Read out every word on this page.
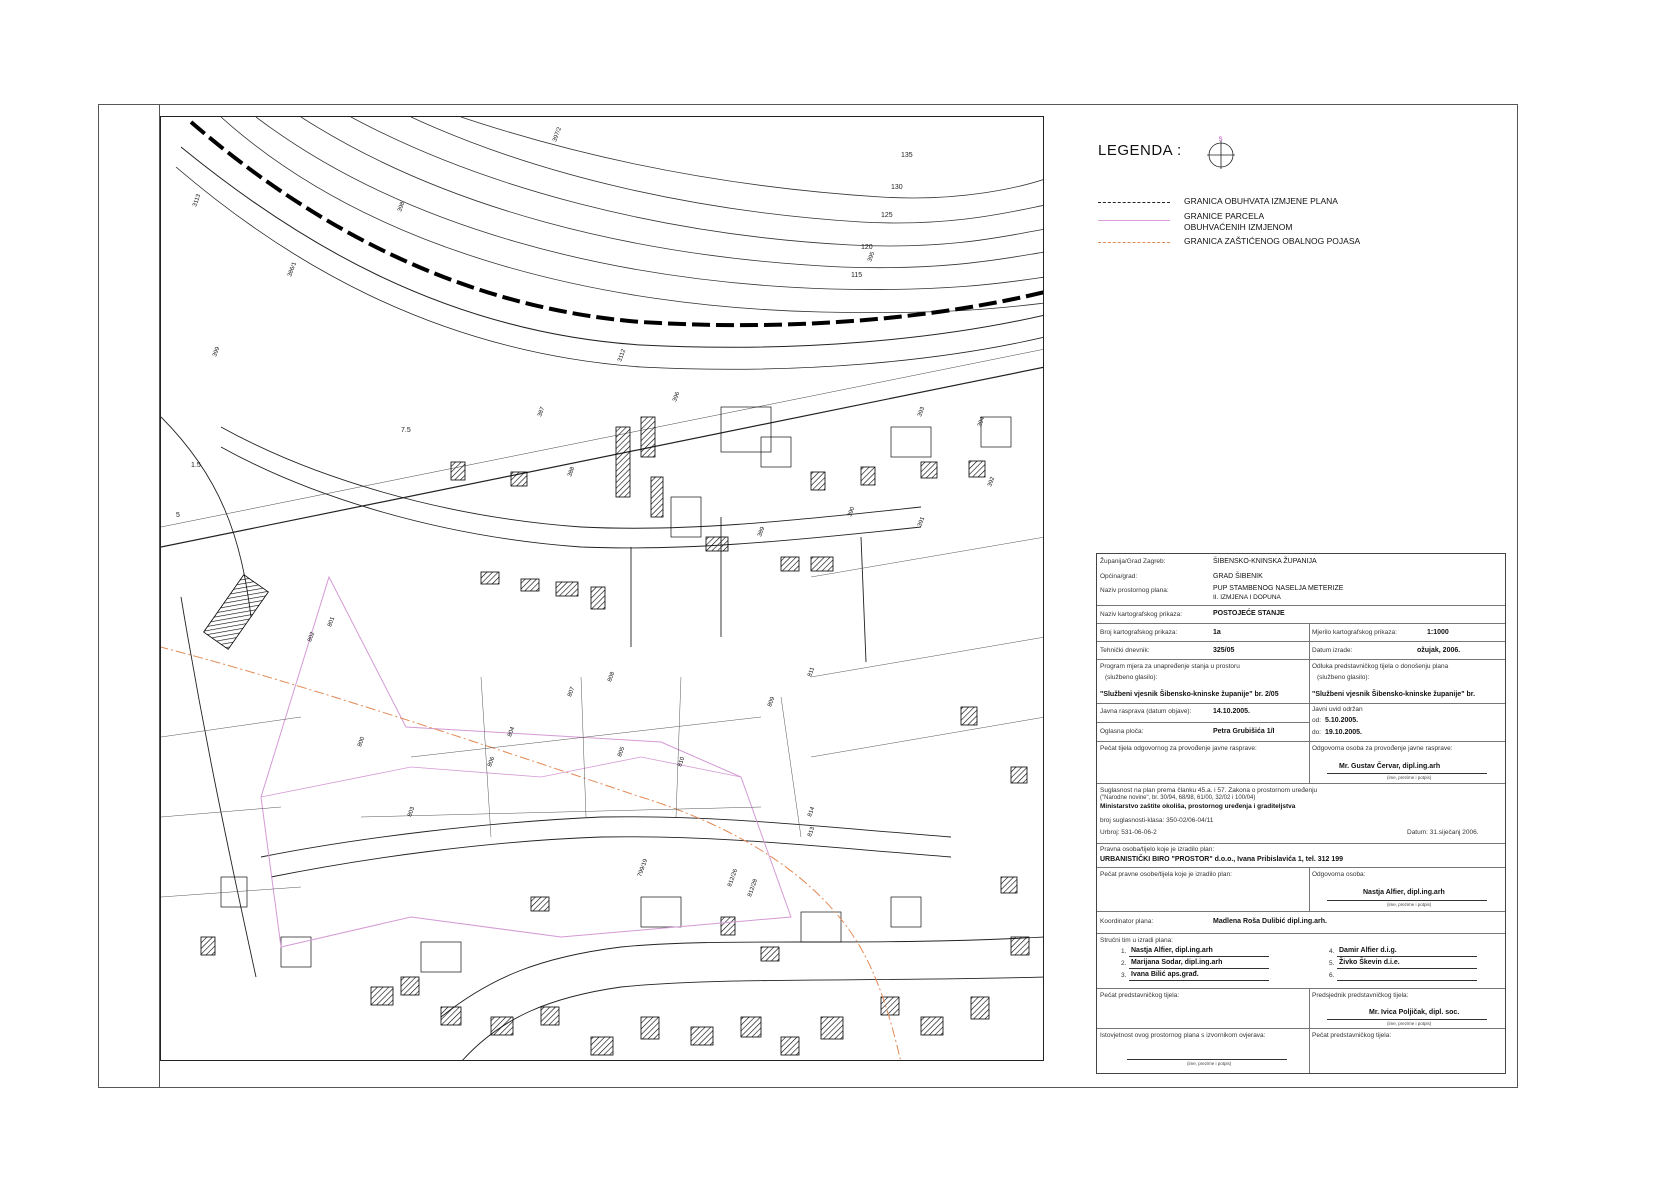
135
130
125
120
115
7.5
1.5
5
397/2
398
399
395
393
394
396
3112
3113
386/1
387
388
389
390
391
392
800
801
802
803
804
805
806
807
808
809
810
811
812/28
812/26
799/19
813
814
LEGENDA :
S
GRANICA OBUHVATA IZMJENE PLANA
GRANICE PARCELA
OBUHVAĆENIH IZMJENOM
GRANICA ZAŠTIĆENOG OBALNOG POJASA
Županija/Grad Zagreb:	ŠIBENSKO-KNINSKA ŽUPANIJA
Općina/grad:	GRAD ŠIBENIK
Naziv prostornog plana:	PUP STAMBENOG NASELJA METERIZE
II. IZMJENA I DOPUNA
Naziv kartografskog prikaza:	POSTOJEĆE STANJE
Broj kartografskog prikaza:	1a	Mjerilo kartografskog prikaza:	1:1000
Tehnički dnevnik:	325/05	Datum izrade:	ožujak, 2006.
Program mjera za unapređenje stanja u prostoru
(službeno glasilo):
"Službeni vjesnik Šibensko-kninske županije" br. 2/05
Odluka predstavničkog tijela o donošenju plana
(službeno glasilo):
"Službeni vjesnik Šibensko-kninske županije" br.
Javna rasprava (datum objave):	14.10.2005.
Oglasna ploča:	Petra Grubišića 1/I
Javni uvid održan
od: 5.10.2005.
do: 19.10.2005.
Pečat tijela odgovornog za provođenje javne rasprave:	Odgovorna osoba za provođenje javne rasprave:
Mr. Gustav Červar, dipl.ing.arh
(ime, prezime i potpis)
Suglasnost na plan prema članku 45.a. i 57. Zakona o prostornom uređenju
("Narodne novine", br. 30/94, 68/98, 61/00, 32/02 i 100/04)
Ministarstvo zaštite okoliša, prostornog uređenja i graditeljstva
broj suglasnosti-klasa: 350-02/06-04/11
Urbroj: 531-06-06-2	Datum: 31.siječanj 2006.
Pravna osoba/tijelo koje je izradilo plan:
URBANISTIČKI BIRO "PROSTOR" d.o.o., Ivana Pribislavića 1, tel. 312 199
Pečat pravne osobe/tijela koje je izradilo plan:	Odgovorna osoba:
Nastja Alfier, dipl.ing.arh
(ime, prezime i potpis)
Koordinator plana:	Madlena Roša Dulibić dipl.ing.arh.
Stručni tim u izradi plana:
1. Nastja Alfier, dipl.ing.arh
2. Marijana Sodar, dipl.ing.arh
3. Ivana Bilić aps.građ.
4. Damir Alfier d.i.g.
5. Živko Škevin d.i.e.
6.
Pečat predstavničkog tijela:	Predsjednik predstavničkog tijela:
Mr. Ivica Poljičak, dipl. soc.
(ime, prezime i potpis)
Istovjetnost ovog prostornog plana s izvornikom ovjerava:
(ime, prezime i potpis)
Pečat predstavničkog tijela:
